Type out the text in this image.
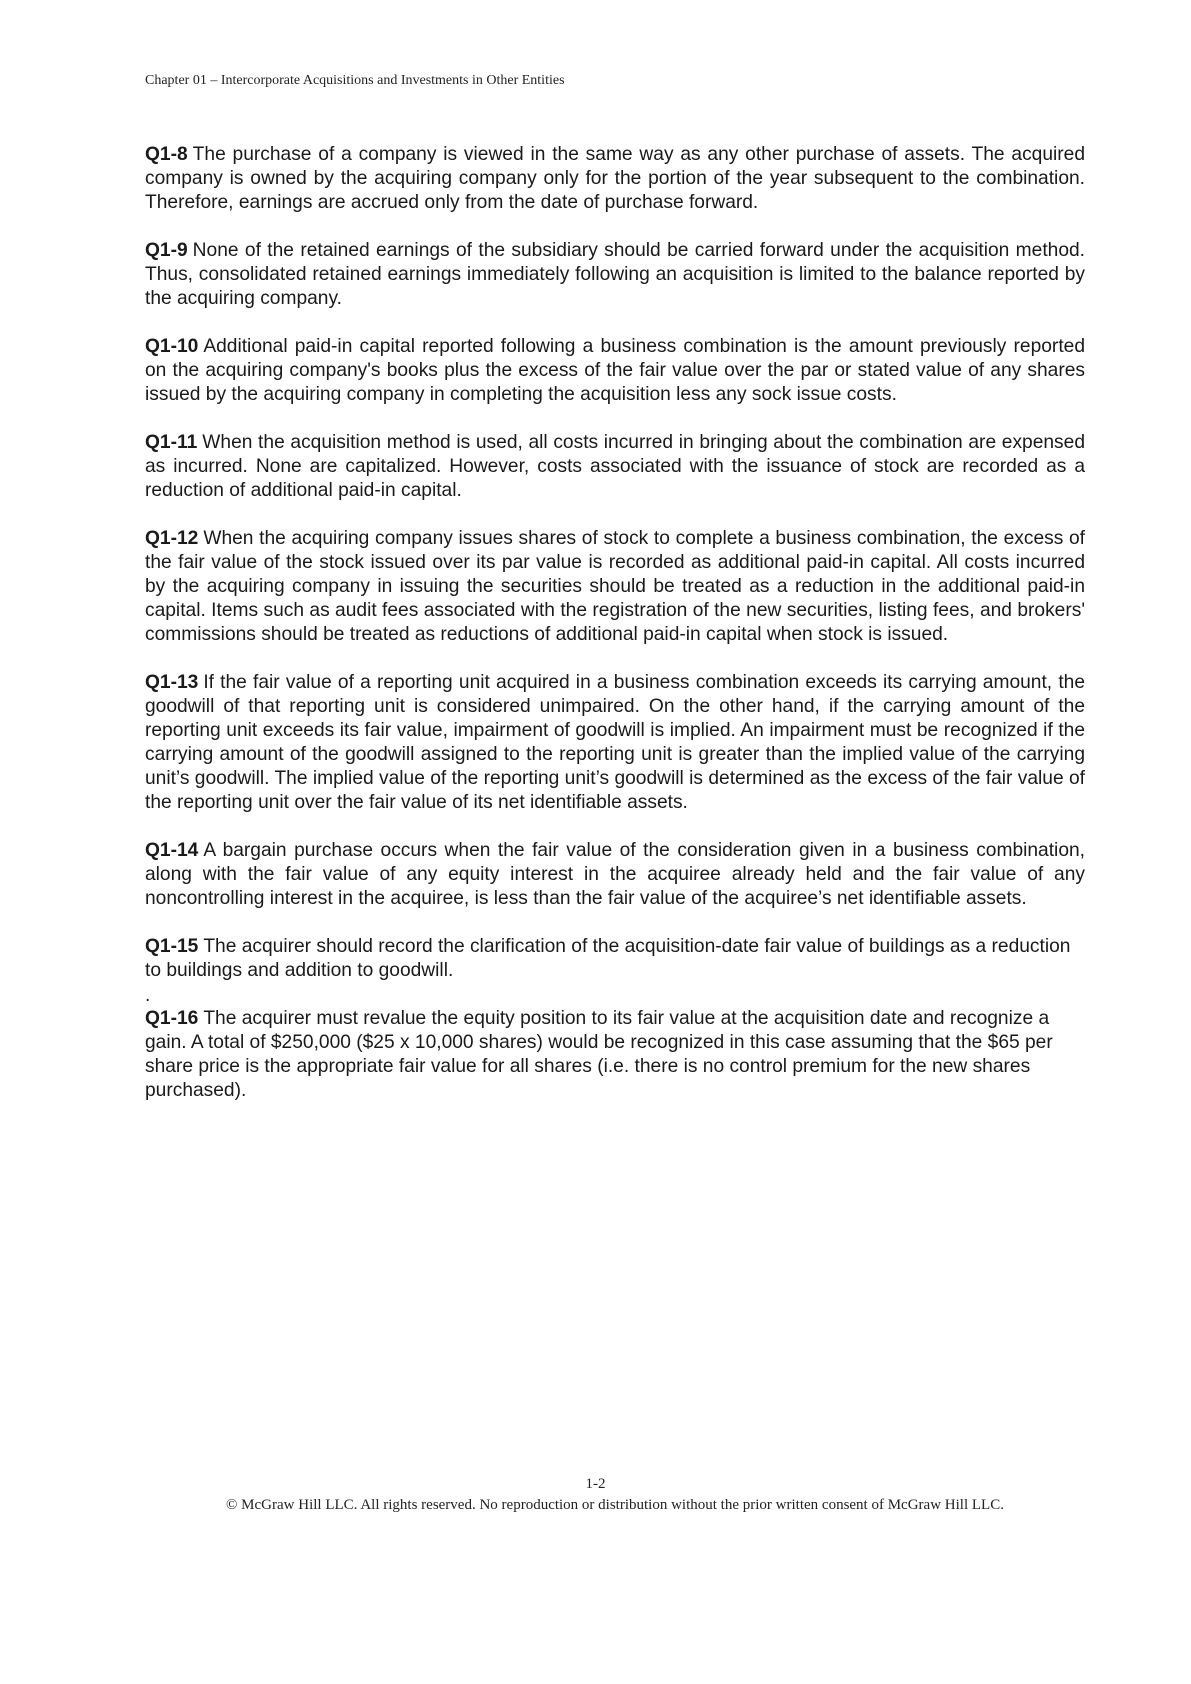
Chapter 01 – Intercorporate Acquisitions and Investments in Other Entities

Q1-8 The purchase of a company is viewed in the same way as any other purchase of assets. The acquired company is owned by the acquiring company only for the portion of the year subsequent to the combination. Therefore, earnings are accrued only from the date of purchase forward.

Q1-9 None of the retained earnings of the subsidiary should be carried forward under the acquisition method. Thus, consolidated retained earnings immediately following an acquisition is limited to the balance reported by the acquiring company.

Q1-10 Additional paid-in capital reported following a business combination is the amount previously reported on the acquiring company's books plus the excess of the fair value over the par or stated value of any shares issued by the acquiring company in completing the acquisition less any sock issue costs.

Q1-11 When the acquisition method is used, all costs incurred in bringing about the combination are expensed as incurred. None are capitalized. However, costs associated with the issuance of stock are recorded as a reduction of additional paid-in capital.

Q1-12 When the acquiring company issues shares of stock to complete a business combination, the excess of the fair value of the stock issued over its par value is recorded as additional paid-in capital. All costs incurred by the acquiring company in issuing the securities should be treated as a reduction in the additional paid-in capital. Items such as audit fees associated with the registration of the new securities, listing fees, and brokers' commissions should be treated as reductions of additional paid-in capital when stock is issued.

Q1-13 If the fair value of a reporting unit acquired in a business combination exceeds its carrying amount, the goodwill of that reporting unit is considered unimpaired. On the other hand, if the carrying amount of the reporting unit exceeds its fair value, impairment of goodwill is implied. An impairment must be recognized if the carrying amount of the goodwill assigned to the reporting unit is greater than the implied value of the carrying unit’s goodwill. The implied value of the reporting unit’s goodwill is determined as the excess of the fair value of the reporting unit over the fair value of its net identifiable assets.

Q1-14 A bargain purchase occurs when the fair value of the consideration given in a business combination, along with the fair value of any equity interest in the acquiree already held and the fair value of any noncontrolling interest in the acquiree, is less than the fair value of the acquiree’s net identifiable assets.

Q1-15 The acquirer should record the clarification of the acquisition-date fair value of buildings as a reduction to buildings and addition to goodwill.

.

Q1-16 The acquirer must revalue the equity position to its fair value at the acquisition date and recognize a gain. A total of $250,000 ($25 x 10,000 shares) would be recognized in this case assuming that the $65 per share price is the appropriate fair value for all shares (i.e. there is no control premium for the new shares purchased).

1-2
© McGraw Hill LLC. All rights reserved. No reproduction or distribution without the prior written consent of McGraw Hill LLC.
